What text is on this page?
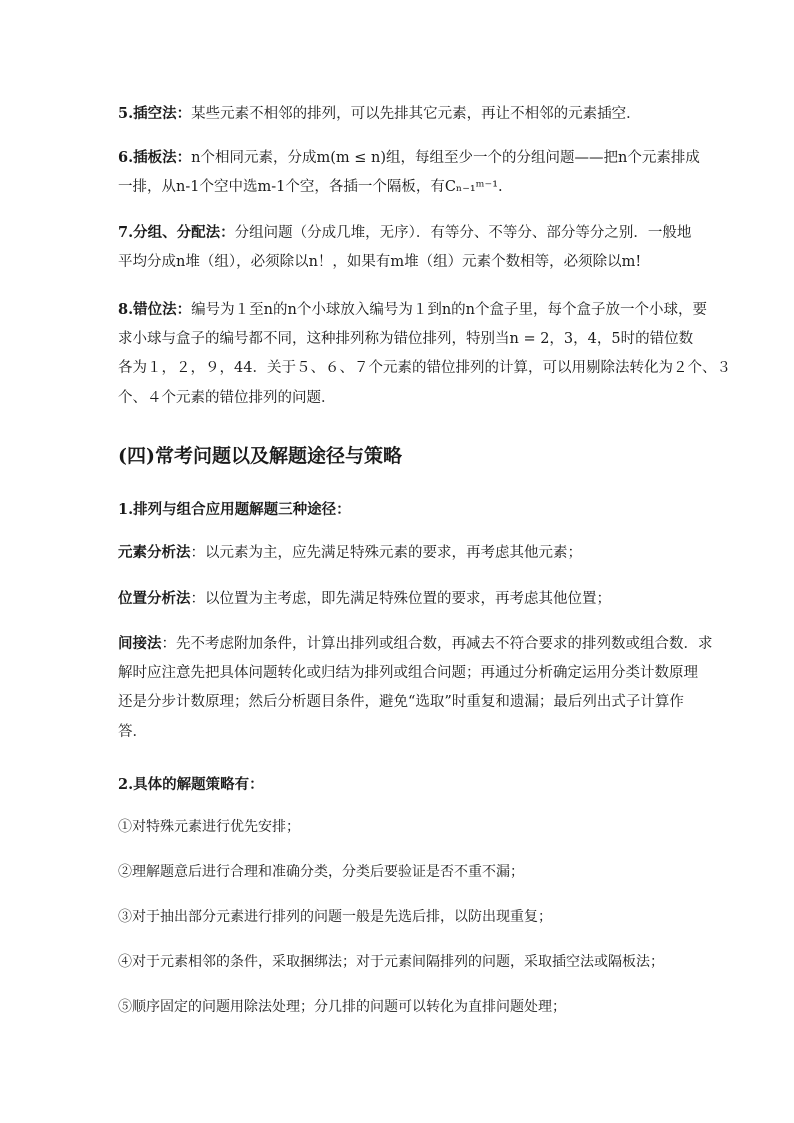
5.插空法：某些元素不相邻的排列，可以先排其它元素，再让不相邻的元素插空．
6.插板法：n个相同元素，分成m(m ≤ n)组，每组至少一个的分组问题——把n个元素排成
一排，从n-1个空中选m-1个空，各插一个隔板，有Cₙ₋₁ᵐ⁻¹.
7.分组、分配法：分组问题（分成几堆，无序）．有等分、不等分、部分等分之别．一般地
平均分成n堆（组），必须除以n！，如果有m堆（组）元素个数相等，必须除以m!
8.错位法：编号为１至n的n个小球放入编号为１到n的n个盒子里，每个盒子放一个小球，要
求小球与盒子的编号都不同，这种排列称为错位排列，特别当n = 2，3，4，5时的错位数
各为１，２，９，44．关于５、６、７个元素的错位排列的计算，可以用剔除法转化为２个、３
个、４个元素的错位排列的问题．
(四)常考问题以及解题途径与策略
1.排列与组合应用题解题三种途径：
元素分析法：以元素为主，应先满足特殊元素的要求，再考虑其他元素；
位置分析法：以位置为主考虑，即先满足特殊位置的要求，再考虑其他位置；
间接法：先不考虑附加条件，计算出排列或组合数，再减去不符合要求的排列数或组合数．求
解时应注意先把具体问题转化或归结为排列或组合问题；再通过分析确定运用分类计数原理
还是分步计数原理；然后分析题目条件，避免“选取”时重复和遗漏；最后列出式子计算作
答．
2.具体的解题策略有：
①对特殊元素进行优先安排；
②理解题意后进行合理和准确分类，分类后要验证是否不重不漏；
③对于抽出部分元素进行排列的问题一般是先选后排，以防出现重复；
④对于元素相邻的条件，采取捆绑法；对于元素间隔排列的问题，采取插空法或隔板法；
⑤顺序固定的问题用除法处理；分几排的问题可以转化为直排问题处理；
